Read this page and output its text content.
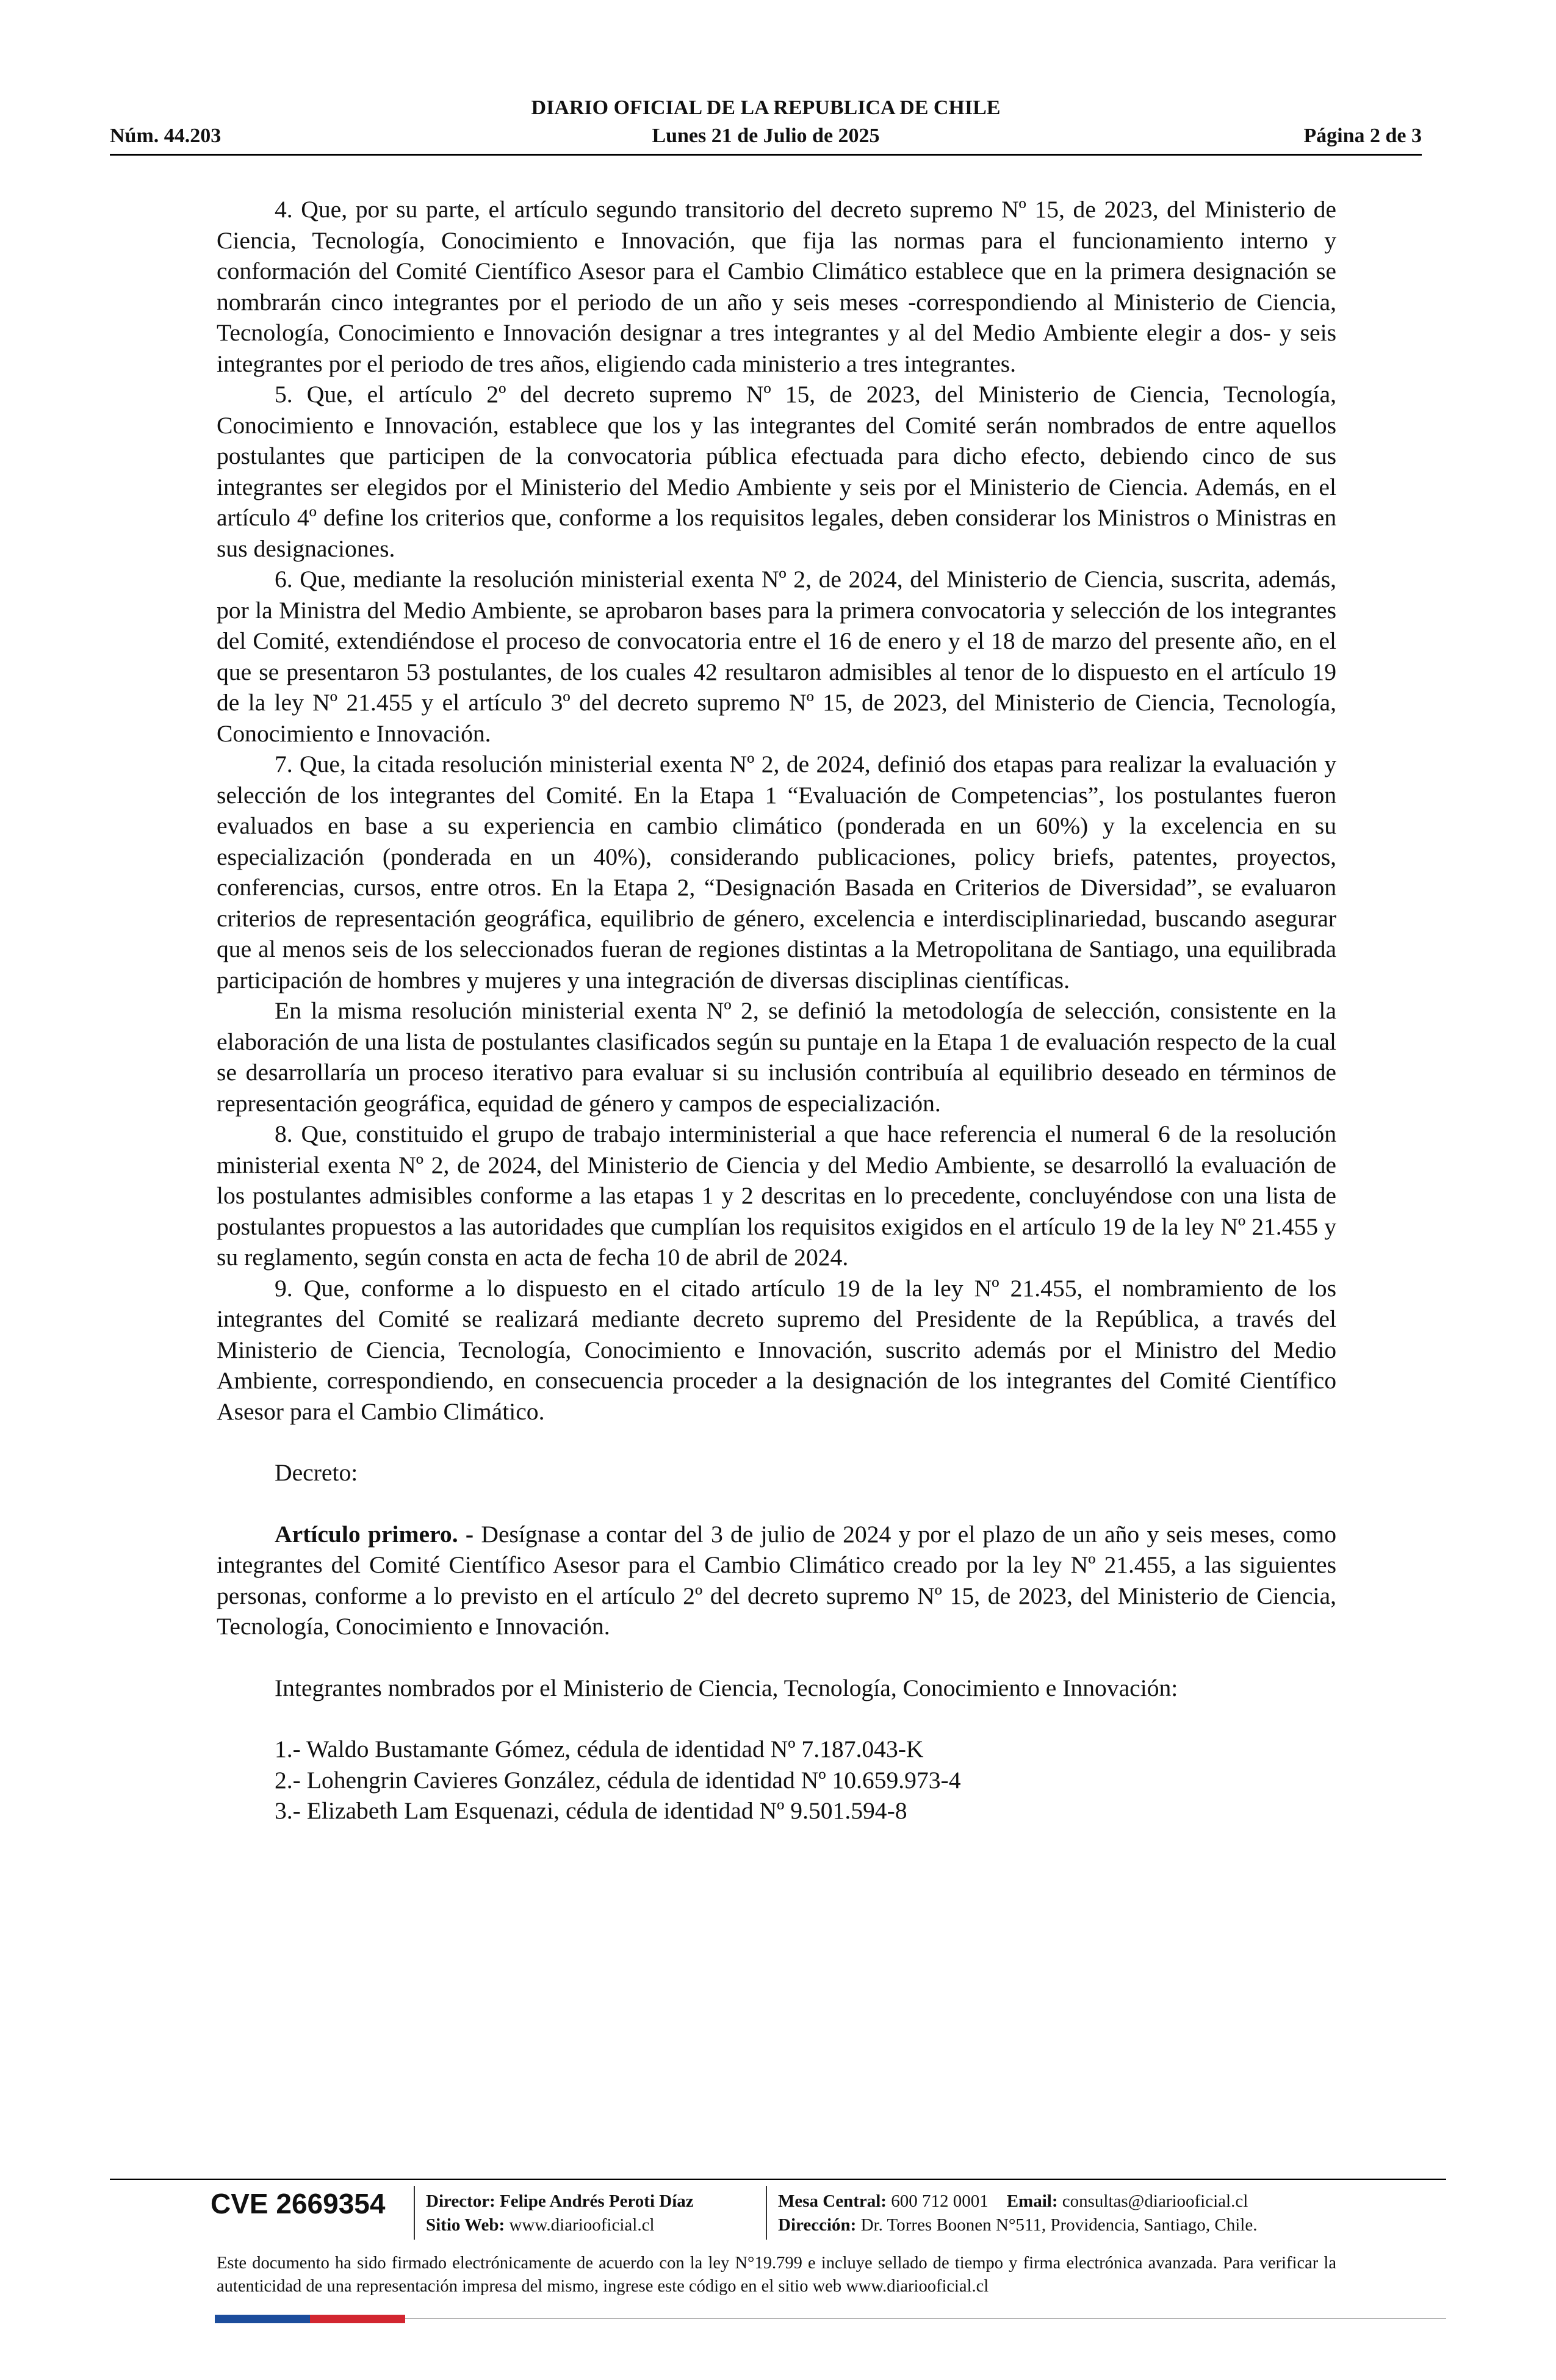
DIARIO OFICIAL DE LA REPUBLICA DE CHILE
Núm. 44.203	Lunes 21 de Julio de 2025	Página 2 de 3

4. Que, por su parte, el artículo segundo transitorio del decreto supremo Nº 15, de 2023, del Ministerio de Ciencia, Tecnología, Conocimiento e Innovación, que fija las normas para el funcionamiento interno y conformación del Comité Científico Asesor para el Cambio Climático establece que en la primera designación se nombrarán cinco integrantes por el periodo de un año y seis meses -correspondiendo al Ministerio de Ciencia, Tecnología, Conocimiento e Innovación designar a tres integrantes y al del Medio Ambiente elegir a dos- y seis integrantes por el periodo de tres años, eligiendo cada ministerio a tres integrantes.

5. Que, el artículo 2º del decreto supremo Nº 15, de 2023, del Ministerio de Ciencia, Tecnología, Conocimiento e Innovación, establece que los y las integrantes del Comité serán nombrados de entre aquellos postulantes que participen de la convocatoria pública efectuada para dicho efecto, debiendo cinco de sus integrantes ser elegidos por el Ministerio del Medio Ambiente y seis por el Ministerio de Ciencia. Además, en el artículo 4º define los criterios que, conforme a los requisitos legales, deben considerar los Ministros o Ministras en sus designaciones.

6. Que, mediante la resolución ministerial exenta Nº 2, de 2024, del Ministerio de Ciencia, suscrita, además, por la Ministra del Medio Ambiente, se aprobaron bases para la primera convocatoria y selección de los integrantes del Comité, extendiéndose el proceso de convocatoria entre el 16 de enero y el 18 de marzo del presente año, en el que se presentaron 53 postulantes, de los cuales 42 resultaron admisibles al tenor de lo dispuesto en el artículo 19 de la ley Nº 21.455 y el artículo 3º del decreto supremo Nº 15, de 2023, del Ministerio de Ciencia, Tecnología, Conocimiento e Innovación.

7. Que, la citada resolución ministerial exenta Nº 2, de 2024, definió dos etapas para realizar la evaluación y selección de los integrantes del Comité. En la Etapa 1 “Evaluación de Competencias”, los postulantes fueron evaluados en base a su experiencia en cambio climático (ponderada en un 60%) y la excelencia en su especialización (ponderada en un 40%), considerando publicaciones, policy briefs, patentes, proyectos, conferencias, cursos, entre otros. En la Etapa 2, “Designación Basada en Criterios de Diversidad”, se evaluaron criterios de representación geográfica, equilibrio de género, excelencia e interdisciplinariedad, buscando asegurar que al menos seis de los seleccionados fueran de regiones distintas a la Metropolitana de Santiago, una equilibrada participación de hombres y mujeres y una integración de diversas disciplinas científicas.

En la misma resolución ministerial exenta Nº 2, se definió la metodología de selección, consistente en la elaboración de una lista de postulantes clasificados según su puntaje en la Etapa 1 de evaluación respecto de la cual se desarrollaría un proceso iterativo para evaluar si su inclusión contribuía al equilibrio deseado en términos de representación geográfica, equidad de género y campos de especialización.

8. Que, constituido el grupo de trabajo interministerial a que hace referencia el numeral 6 de la resolución ministerial exenta Nº 2, de 2024, del Ministerio de Ciencia y del Medio Ambiente, se desarrolló la evaluación de los postulantes admisibles conforme a las etapas 1 y 2 descritas en lo precedente, concluyéndose con una lista de postulantes propuestos a las autoridades que cumplían los requisitos exigidos en el artículo 19 de la ley Nº 21.455 y su reglamento, según consta en acta de fecha 10 de abril de 2024.

9. Que, conforme a lo dispuesto en el citado artículo 19 de la ley Nº 21.455, el nombramiento de los integrantes del Comité se realizará mediante decreto supremo del Presidente de la República, a través del Ministerio de Ciencia, Tecnología, Conocimiento e Innovación, suscrito además por el Ministro del Medio Ambiente, correspondiendo, en consecuencia proceder a la designación de los integrantes del Comité Científico Asesor para el Cambio Climático.

Decreto:

Artículo primero. - Desígnase a contar del 3 de julio de 2024 y por el plazo de un año y seis meses, como integrantes del Comité Científico Asesor para el Cambio Climático creado por la ley Nº 21.455, a las siguientes personas, conforme a lo previsto en el artículo 2º del decreto supremo Nº 15, de 2023, del Ministerio de Ciencia, Tecnología, Conocimiento e Innovación.

Integrantes nombrados por el Ministerio de Ciencia, Tecnología, Conocimiento e Innovación:

1.- Waldo Bustamante Gómez, cédula de identidad Nº 7.187.043-K
2.- Lohengrin Cavieres González, cédula de identidad Nº 10.659.973-4
3.- Elizabeth Lam Esquenazi, cédula de identidad Nº 9.501.594-8
CVE 2669354 Director: Felipe Andrés Peroti Díaz
Sitio Web: www.diariooficial.cl
Mesa Central: 600 712 0001 Email: consultas@diariooficial.cl
Dirección: Dr. Torres Boonen N°511, Providencia, Santiago, Chile.
Este documento ha sido firmado electrónicamente de acuerdo con la ley N°19.799 e incluye sellado de tiempo y firma electrónica avanzada. Para verificar la autenticidad de una representación impresa del mismo, ingrese este código en el sitio web www.diariooficial.cl
